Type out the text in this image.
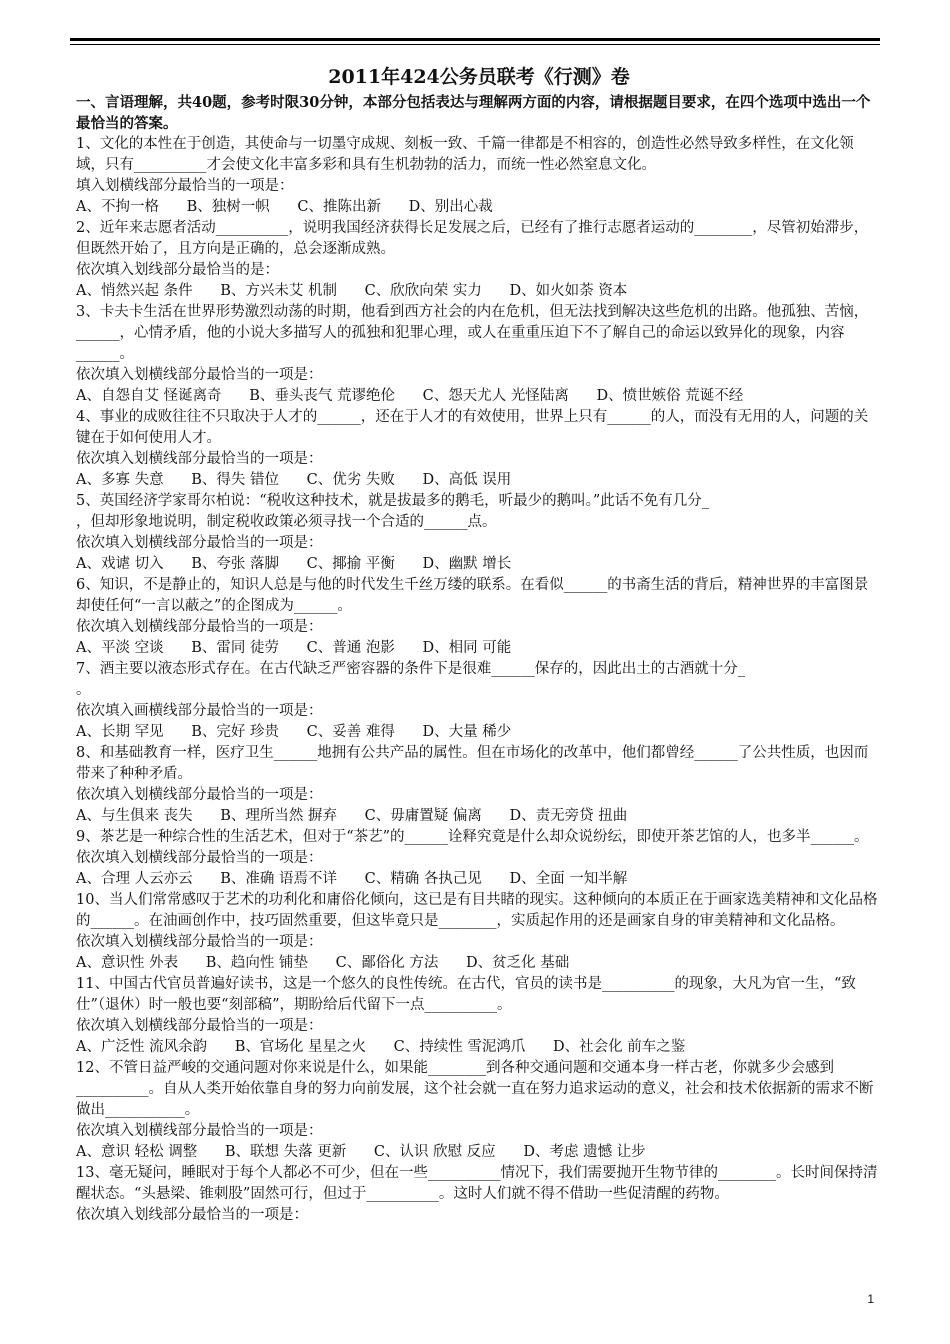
2011年424公务员联考《行测》卷

一、言语理解，共40题，参考时限30分钟，本部分包括表达与理解两方面的内容，请根据题目要求，在四个选项中选出一个最恰当的答案。

1、文化的本性在于创造，其使命与一切墨守成规、刻板一致、千篇一律都是不相容的，创造性必然导致多样性，在文化领域，只有__________才会使文化丰富多彩和具有生机勃勃的活力，而统一性必然窒息文化。

填入划横线部分最恰当的一项是：

A、不拘一格      B、独树一帜      C、推陈出新      D、别出心裁

2、近年来志愿者活动__________，说明我国经济获得长足发展之后，已经有了推行志愿者运动的________，尽管初始滞步，但既然开始了，且方向是正确的，总会逐渐成熟。

依次填入划线部分最恰当的是：

A、悄然兴起 条件      B、方兴未艾 机制      C、欣欣向荣 实力      D、如火如荼 资本

3、卡夫卡生活在世界形势激烈动荡的时期，他看到西方社会的内在危机，但无法找到解决这些危机的出路。他孤独、苦恼，______，心情矛盾，他的小说大多描写人的孤独和犯罪心理，或人在重重压迫下不了解自己的命运以致异化的现象，内容______。

依次填入划横线部分最恰当的一项是：

A、自怨自艾 怪诞离奇      B、垂头丧气 荒谬绝伦      C、怨天尤人 光怪陆离      D、愤世嫉俗 荒诞不经

4、事业的成败往往不只取决于人才的______，还在于人才的有效使用，世界上只有______的人，而没有无用的人，问题的关键在于如何使用人才。

依次填入划横线部分最恰当的一项是：

A、多寡 失意      B、得失 错位      C、优劣 失败      D、高低 误用

5、英国经济学家哥尔柏说：“税收这种技术，就是拔最多的鹅毛，听最少的鹅叫。”此话不免有几分_

，但却形象地说明，制定税收政策必须寻找一个合适的______点。

依次填入划横线部分最恰当的一项是：

A、戏谑 切入      B、夸张 落脚      C、揶揄 平衡      D、幽默 增长

6、知识，不是静止的，知识人总是与他的时代发生千丝万缕的联系。在看似______的书斋生活的背后，精神世界的丰富图景却使任何“一言以蔽之”的企图成为______。

依次填入划横线部分最恰当的一项是：

A、平淡 空谈      B、雷同 徒劳      C、普通 泡影      D、相同 可能

7、酒主要以液态形式存在。在古代缺乏严密容器的条件下是很难______保存的，因此出土的古酒就十分_

。

依次填入画横线部分最恰当的一项是：

A、长期 罕见      B、完好 珍贵      C、妥善 难得      D、大量 稀少

8、和基础教育一样，医疗卫生______地拥有公共产品的属性。但在市场化的改革中，他们都曾经______了公共性质，也因而带来了种种矛盾。

依次填入划横线部分最恰当的一项是：

A、与生俱来 丧失      B、理所当然 摒弃      C、毋庸置疑 偏离      D、责无旁贷 扭曲

9、茶艺是一种综合性的生活艺术，但对于“茶艺”的______诠释究竟是什么却众说纷纭，即使开茶艺馆的人，也多半______。

依次填入划横线部分最恰当的一项是：

A、合理 人云亦云      B、准确 语焉不详      C、精确 各执己见      D、全面 一知半解

10、当人们常常感叹于艺术的功利化和庸俗化倾向，这已是有目共睹的现实。这种倾向的本质正在于画家选美精神和文化品格的______。在油画创作中，技巧固然重要，但这毕竟只是________，实质起作用的还是画家自身的审美精神和文化品格。

依次填入划横线部分最恰当的一项是：

A、意识性 外表      B、趋向性 铺垫      C、鄙俗化 方法      D、贫乏化 基础

11、中国古代官员普遍好读书，这是一个悠久的良性传统。在古代，官员的读书是__________的现象，大凡为官一生，“致仕”（退休）时一般也要“刻部稿”，期盼给后代留下一点__________。

依次填入划横线部分最恰当的一项是：

A、广泛性 流风余韵      B、官场化 星星之火      C、持续性 雪泥鸿爪      D、社会化 前车之鉴

12、不管日益严峻的交通问题对你来说是什么，如果能________到各种交通问题和交通本身一样古老，你就多少会感到__________。自从人类开始依靠自身的努力向前发展，这个社会就一直在努力追求运动的意义，社会和技术依据新的需求不断做出___________。

依次填入划横线部分最恰当的一项是：

A、意识 轻松 调整      B、联想 失落 更新      C、认识 欣慰 反应      D、考虑 遗憾 让步

13、毫无疑问，睡眠对于每个人都必不可少，但在一些__________情况下，我们需要抛开生物节律的________。长时间保持清醒状态。“头悬梁、锥刺股”固然可行，但过于__________。这时人们就不得不借助一些促清醒的药物。

依次填入划线部分最恰当的一项是：

1
